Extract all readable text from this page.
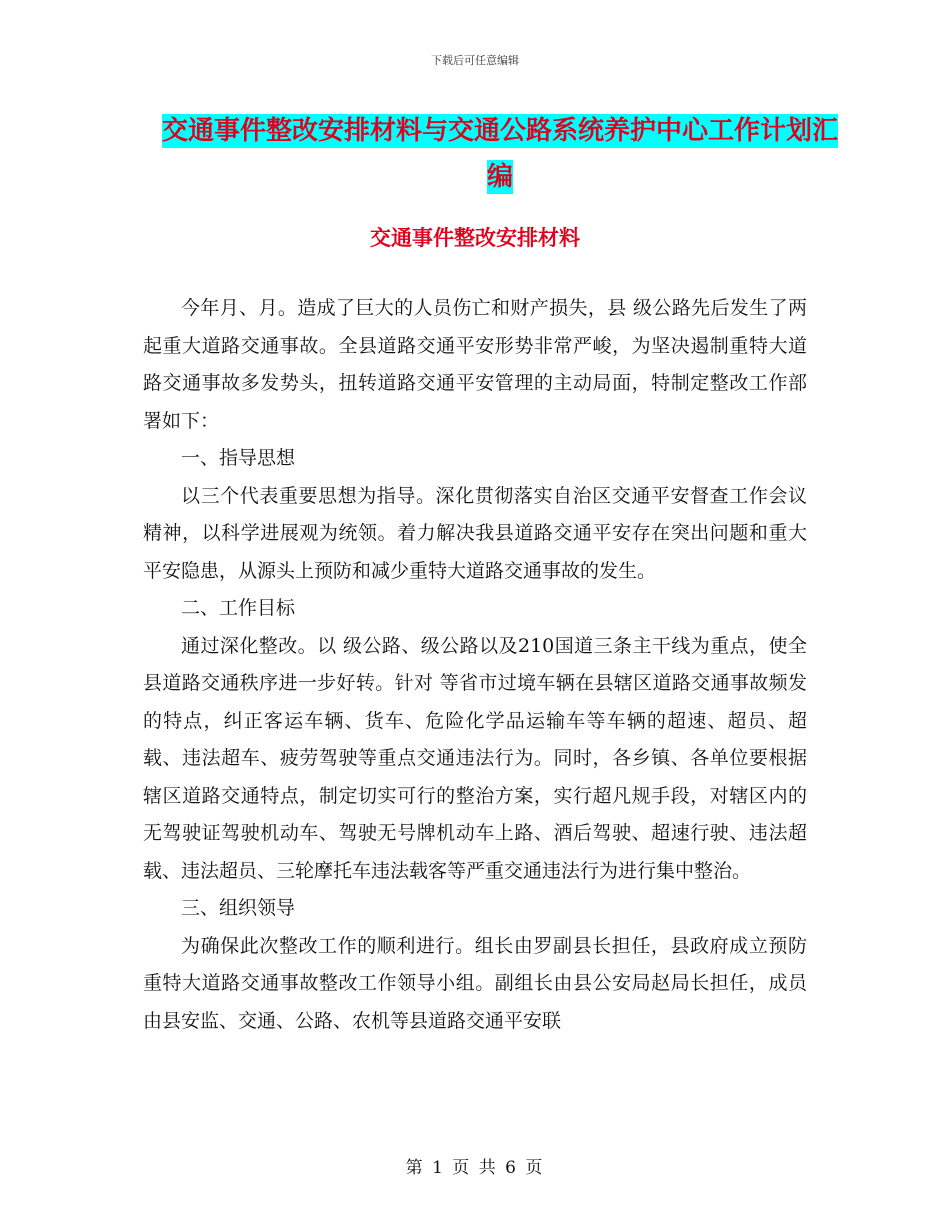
下载后可任意编辑
交通事件整改安排材料与交通公路系统养护中心工作计划汇编
交通事件整改安排材料

今年月、月。造成了巨大的人员伤亡和财产损失，县 级公路先后发生了两起重大道路交通事故。全县道路交通平安形势非常严峻，为坚决遏制重特大道路交通事故多发势头，扭转道路交通平安管理的主动局面，特制定整改工作部署如下：

一、指导思想

以三个代表重要思想为指导。深化贯彻落实自治区交通平安督查工作会议精神，以科学进展观为统领。着力解决我县道路交通平安存在突出问题和重大平安隐患，从源头上预防和减少重特大道路交通事故的发生。

二、工作目标

通过深化整改。以 级公路、级公路以及210国道三条主干线为重点，使全县道路交通秩序进一步好转。针对 等省市过境车辆在县辖区道路交通事故频发的特点，纠正客运车辆、货车、危险化学品运输车等车辆的超速、超员、超载、违法超车、疲劳驾驶等重点交通违法行为。同时，各乡镇、各单位要根据辖区道路交通特点，制定切实可行的整治方案，实行超凡规手段，对辖区内的无驾驶证驾驶机动车、驾驶无号牌机动车上路、酒后驾驶、超速行驶、违法超载、违法超员、三轮摩托车违法载客等严重交通违法行为进行集中整治。

三、组织领导

为确保此次整改工作的顺利进行。组长由罗副县长担任，县政府成立预防重特大道路交通事故整改工作领导小组。副组长由县公安局赵局长担任，成员由县安监、交通、公路、农机等县道路交通平安联

第 1 页 共 6 页
